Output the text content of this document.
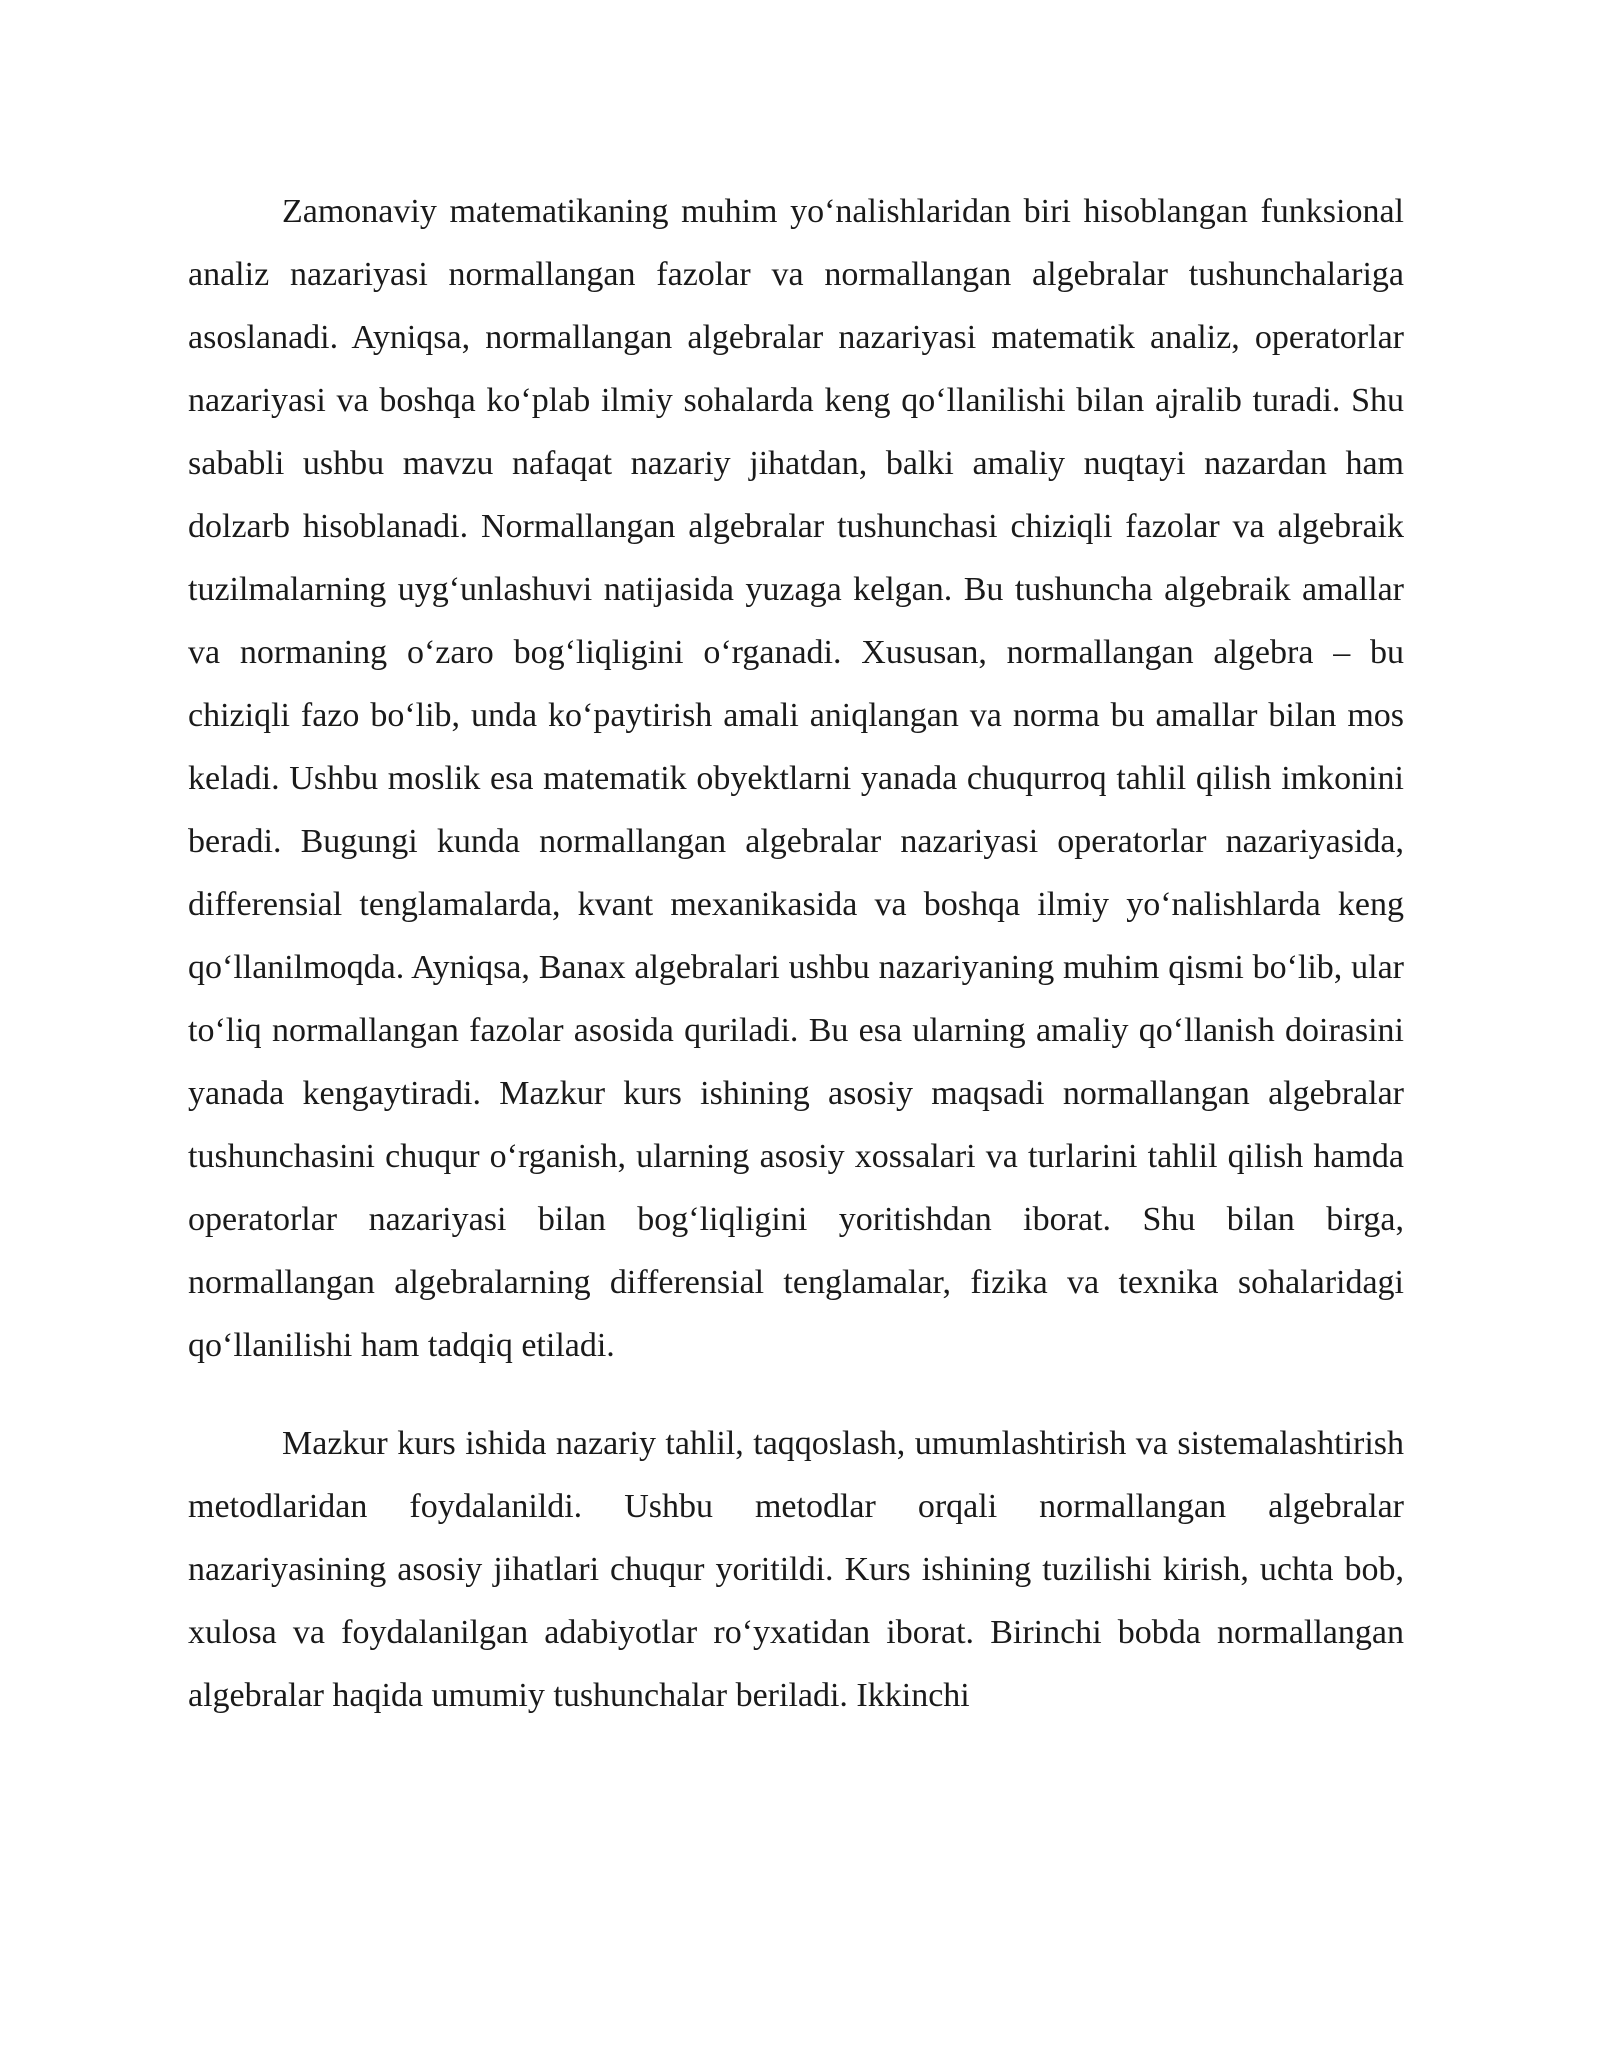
Zamonaviy matematikaning muhim yo‘nalishlaridan biri hisoblangan funksional analiz nazariyasi normallangan fazolar va normallangan algebralar tushunchalariga asoslanadi. Ayniqsa, normallangan algebralar nazariyasi matematik analiz, operatorlar nazariyasi va boshqa ko‘plab ilmiy sohalarda keng qo‘llanilishi bilan ajralib turadi. Shu sababli ushbu mavzu nafaqat nazariy jihatdan, balki amaliy nuqtayi nazardan ham dolzarb hisoblanadi. Normallangan algebralar tushunchasi chiziqli fazolar va algebraik tuzilmalarning uyg‘unlashuvi natijasida yuzaga kelgan. Bu tushuncha algebraik amallar va normaning o‘zaro bog‘liqligini o‘rganadi. Xususan, normallangan algebra – bu chiziqli fazo bo‘lib, unda ko‘paytirish amali aniqlangan va norma bu amallar bilan mos keladi. Ushbu moslik esa matematik obyektlarni yanada chuqurroq tahlil qilish imkonini beradi. Bugungi kunda normallangan algebralar nazariyasi operatorlar nazariyasida, differensial tenglamalarda, kvant mexanikasida va boshqa ilmiy yo‘nalishlarda keng qo‘llanilmoqda. Ayniqsa, Banax algebralari ushbu nazariyaning muhim qismi bo‘lib, ular to‘liq normallangan fazolar asosida quriladi. Bu esa ularning amaliy qo‘llanish doirasini yanada kengaytiradi. Mazkur kurs ishining asosiy maqsadi normallangan algebralar tushunchasini chuqur o‘rganish, ularning asosiy xossalari va turlarini tahlil qilish hamda operatorlar nazariyasi bilan bog‘liqligini yoritishdan iborat. Shu bilan birga, normallangan algebralarning differensial tenglamalar, fizika va texnika sohalaridagi qo‘llanilishi ham tadqiq etiladi.

Mazkur kurs ishida nazariy tahlil, taqqoslash, umumlashtirish va sistemalashtirish metodlaridan foydalanildi. Ushbu metodlar orqali normallangan algebralar nazariyasining asosiy jihatlari chuqur yoritildi. Kurs ishining tuzilishi kirish, uchta bob, xulosa va foydalanilgan adabiyotlar ro‘yxatidan iborat. Birinchi bobda normallangan algebralar haqida umumiy tushunchalar beriladi. Ikkinchi
